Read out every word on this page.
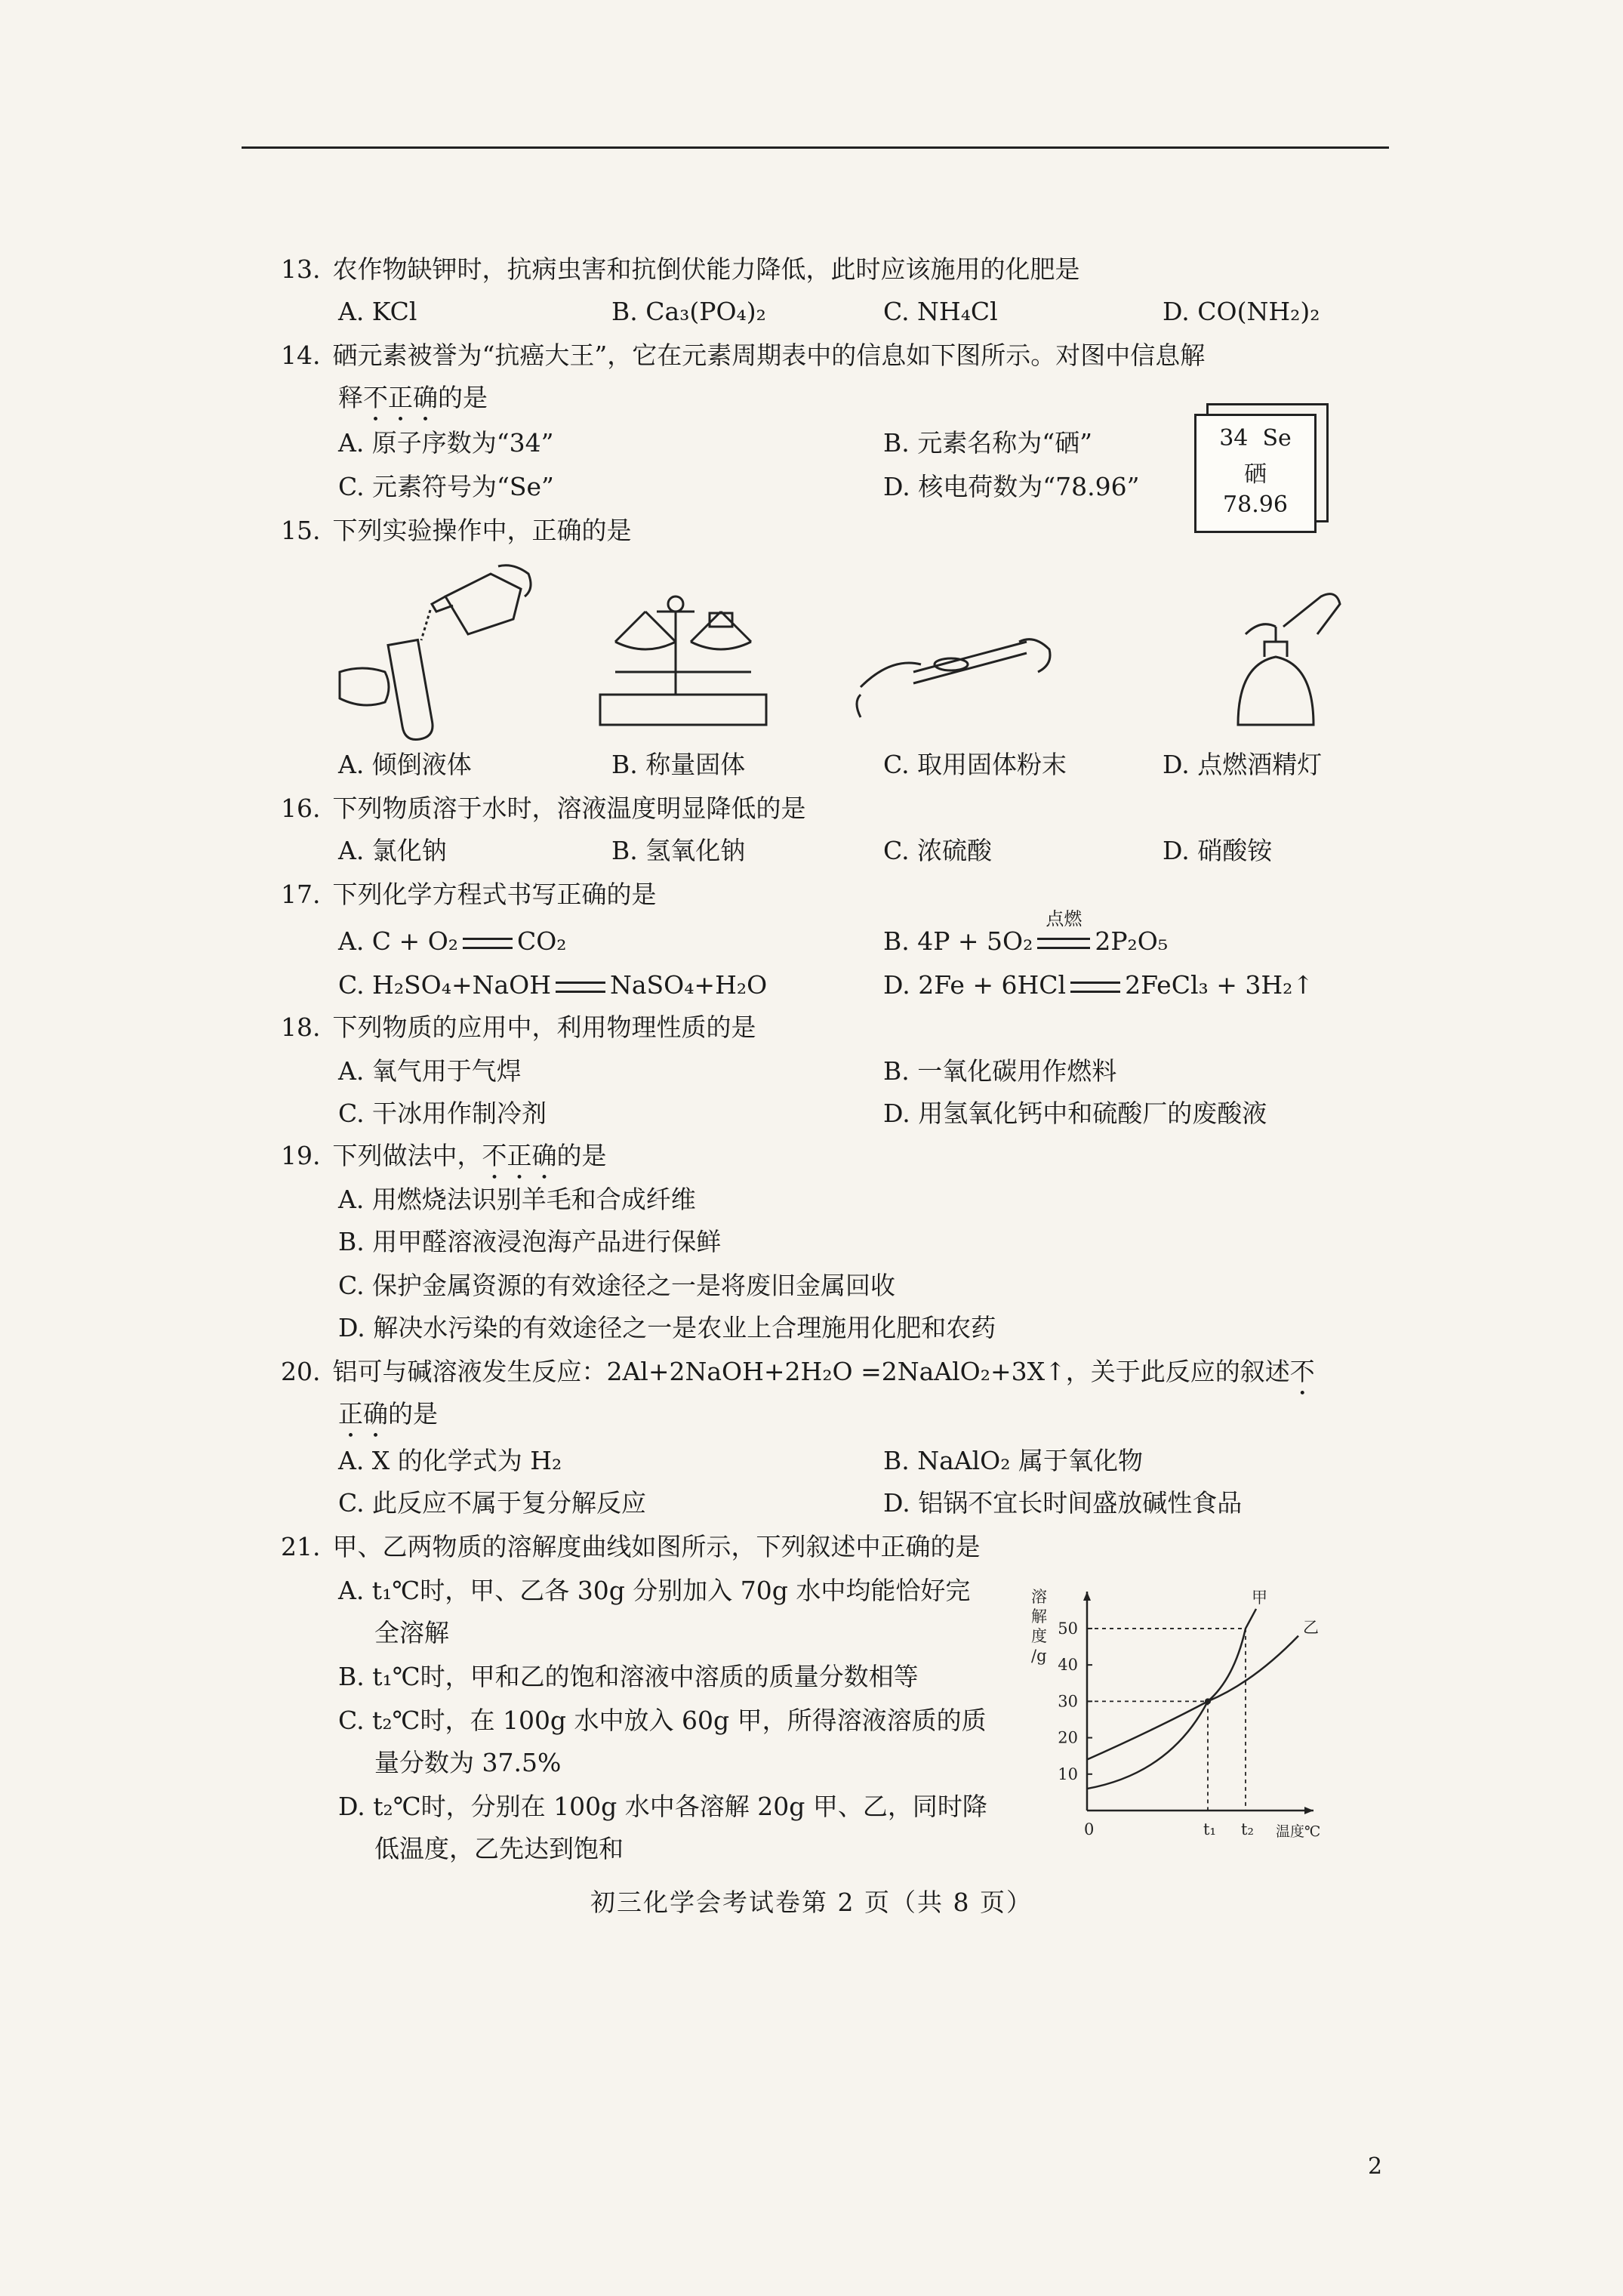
13. 农作物缺钾时，抗病虫害和抗倒伏能力降低，此时应该施用的化肥是
A. KCl	B. Ca₃(PO₄)₂	C. NH₄Cl	D. CO(NH₂)₂
14. 硒元素被誉为“抗癌大王”，它在元素周期表中的信息如下图所示。对图中信息解
释不正确的是
A. 原子序数为“34”	B. 元素名称为“硒”
C. 元素符号为“Se”	D. 核电荷数为“78.96”
34 Se
硒
78.96
15. 下列实验操作中，正确的是
A. 倾倒液体	B. 称量固体	C. 取用固体粉末	D. 点燃酒精灯
16. 下列物质溶于水时，溶液温度明显降低的是
A. 氯化钠	B. 氢氧化钠	C. 浓硫酸	D. 硝酸铵
17. 下列化学方程式书写正确的是
A. C + O₂ CO₂	B. 4P + 5O₂
点燃
2P₂O₅
C. H₂SO₄+NaOH NaSO₄+H₂O	D. 2Fe + 6HCl 2FeCl₃ + 3H₂↑
18. 下列物质的应用中，利用物理性质的是
A. 氧气用于气焊	B. 一氧化碳用作燃料
C. 干冰用作制冷剂	D. 用氢氧化钙中和硫酸厂的废酸液
19. 下列做法中，不正确的是
A. 用燃烧法识别羊毛和合成纤维
B. 用甲醛溶液浸泡海产品进行保鲜
C. 保护金属资源的有效途径之一是将废旧金属回收
D. 解决水污染的有效途径之一是农业上合理施用化肥和农药
20. 铝可与碱溶液发生反应：2Al+2NaOH+2H₂O =2NaAlO₂+3X↑，关于此反应的叙述不
正确的是
A. X 的化学式为 H₂	B. NaAlO₂ 属于氧化物
C. 此反应不属于复分解反应	D. 铝锅不宜长时间盛放碱性食品
21. 甲、乙两物质的溶解度曲线如图所示，下列叙述中正确的是
A. t₁℃时，甲、乙各 30g 分别加入 70g 水中均能恰好完
全溶解
B. t₁℃时，甲和乙的饱和溶液中溶质的质量分数相等
C. t₂℃时，在 100g 水中放入 60g 甲，所得溶液溶质的质
量分数为 37.5%
D. t₂℃时，分别在 100g 水中各溶解 20g 甲、乙，同时降
低温度，乙先达到饱和
溶
解
度
/g
10
20
30
40
50
0	t₁ t₂ 温度℃
甲
乙
初三化学会考试卷第 2 页（共 8 页）
2
